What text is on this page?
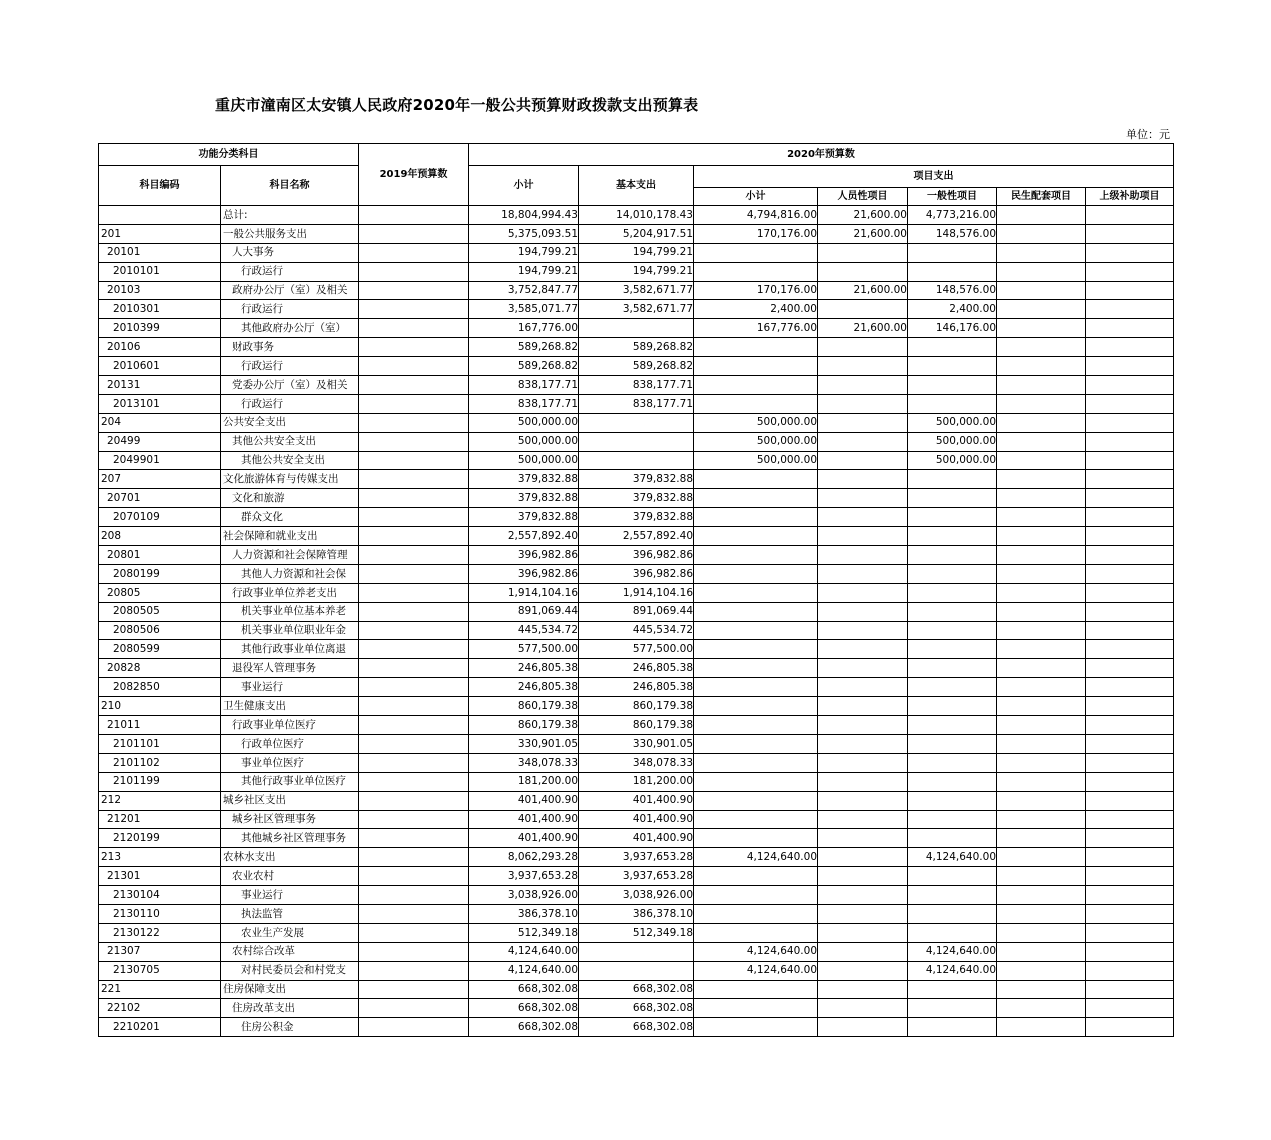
重庆市潼南区太安镇人民政府2020年一般公共预算财政拨款支出预算表
单位：元
功能分类科目		2019年预算数	2020年预算数						
科目编码	科目名称		小计	基本支出	项目支出				
					小计	人员性项目	一般性项目	民生配套项目	上级补助项目
	总计:		18,804,994.43	14,010,178.43	4,794,816.00	21,600.00	4,773,216.00		
201	一般公共服务支出		5,375,093.51	5,204,917.51	170,176.00	21,600.00	148,576.00		
20101	人大事务		194,799.21	194,799.21					
2010101	行政运行		194,799.21	194,799.21					
20103	政府办公厅（室）及相关		3,752,847.77	3,582,671.77	170,176.00	21,600.00	148,576.00		
2010301	行政运行		3,585,071.77	3,582,671.77	2,400.00		2,400.00		
2010399	其他政府办公厅（室）		167,776.00		167,776.00	21,600.00	146,176.00		
20106	财政事务		589,268.82	589,268.82					
2010601	行政运行		589,268.82	589,268.82					
20131	党委办公厅（室）及相关		838,177.71	838,177.71					
2013101	行政运行		838,177.71	838,177.71					
204	公共安全支出		500,000.00		500,000.00		500,000.00		
20499	其他公共安全支出		500,000.00		500,000.00		500,000.00		
2049901	其他公共安全支出		500,000.00		500,000.00		500,000.00		
207	文化旅游体育与传媒支出		379,832.88	379,832.88					
20701	文化和旅游		379,832.88	379,832.88					
2070109	群众文化		379,832.88	379,832.88					
208	社会保障和就业支出		2,557,892.40	2,557,892.40					
20801	人力资源和社会保障管理		396,982.86	396,982.86					
2080199	其他人力资源和社会保		396,982.86	396,982.86					
20805	行政事业单位养老支出		1,914,104.16	1,914,104.16					
2080505	机关事业单位基本养老		891,069.44	891,069.44					
2080506	机关事业单位职业年金		445,534.72	445,534.72					
2080599	其他行政事业单位离退		577,500.00	577,500.00					
20828	退役军人管理事务		246,805.38	246,805.38					
2082850	事业运行		246,805.38	246,805.38					
210	卫生健康支出		860,179.38	860,179.38					
21011	行政事业单位医疗		860,179.38	860,179.38					
2101101	行政单位医疗		330,901.05	330,901.05					
2101102	事业单位医疗		348,078.33	348,078.33					
2101199	其他行政事业单位医疗		181,200.00	181,200.00					
212	城乡社区支出		401,400.90	401,400.90					
21201	城乡社区管理事务		401,400.90	401,400.90					
2120199	其他城乡社区管理事务		401,400.90	401,400.90					
213	农林水支出		8,062,293.28	3,937,653.28	4,124,640.00		4,124,640.00		
21301	农业农村		3,937,653.28	3,937,653.28					
2130104	事业运行		3,038,926.00	3,038,926.00					
2130110	执法监管		386,378.10	386,378.10					
2130122	农业生产发展		512,349.18	512,349.18					
21307	农村综合改革		4,124,640.00		4,124,640.00		4,124,640.00		
2130705	对村民委员会和村党支		4,124,640.00		4,124,640.00		4,124,640.00		
221	住房保障支出		668,302.08	668,302.08					
22102	住房改革支出		668,302.08	668,302.08					
2210201	住房公积金		668,302.08	668,302.08					
